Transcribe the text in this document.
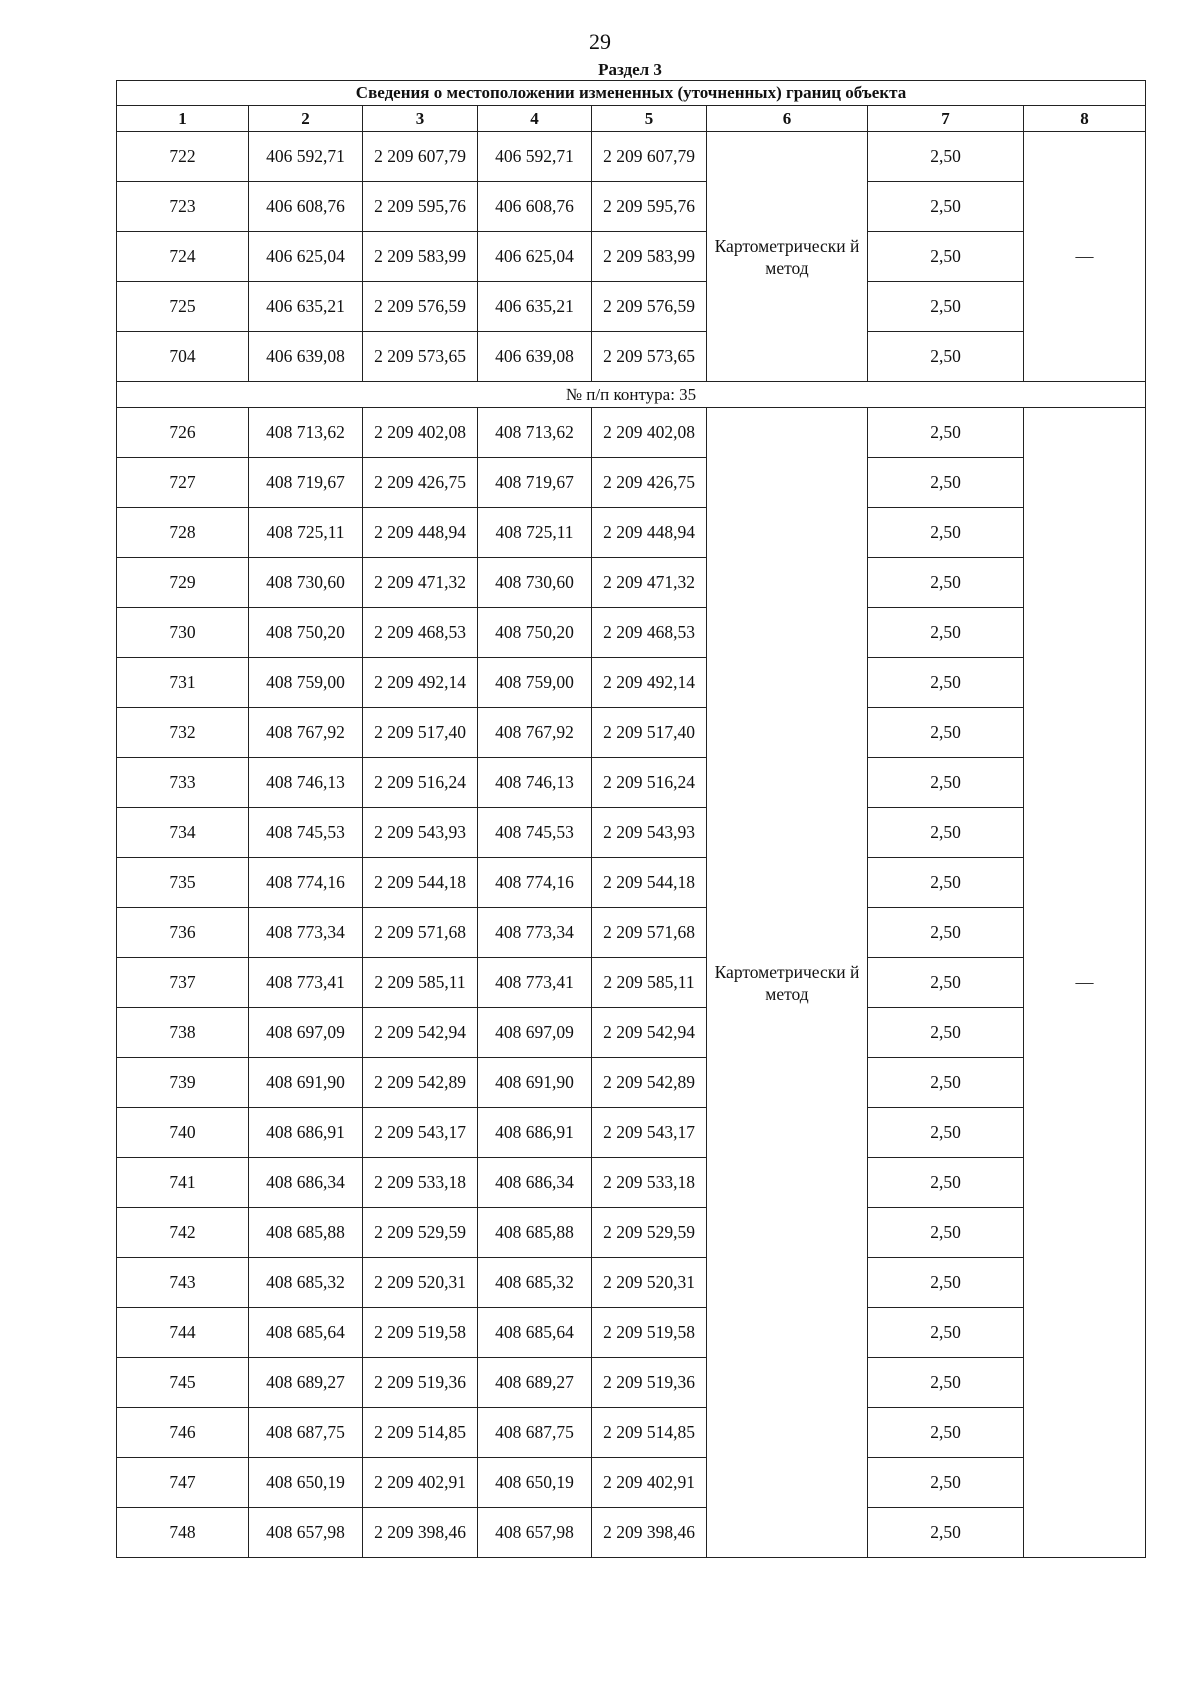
29
Раздел 3
Сведения о местоположении измененных (уточненных) границ объекта							
1	2	3	4	5	6	7	8
722	406 592,71	2 209 607,79	406 592,71	2 209 607,79	Картометрически й метод	2,50	—
723	406 608,76	2 209 595,76	406 608,76	2 209 595,76		2,50	
724	406 625,04	2 209 583,99	406 625,04	2 209 583,99		2,50	
725	406 635,21	2 209 576,59	406 635,21	2 209 576,59		2,50	
704	406 639,08	2 209 573,65	406 639,08	2 209 573,65		2,50	
№ п/п контура: 35							
726	408 713,62	2 209 402,08	408 713,62	2 209 402,08	Картометрически й метод	2,50	—
727	408 719,67	2 209 426,75	408 719,67	2 209 426,75		2,50	
728	408 725,11	2 209 448,94	408 725,11	2 209 448,94		2,50	
729	408 730,60	2 209 471,32	408 730,60	2 209 471,32		2,50	
730	408 750,20	2 209 468,53	408 750,20	2 209 468,53		2,50	
731	408 759,00	2 209 492,14	408 759,00	2 209 492,14		2,50	
732	408 767,92	2 209 517,40	408 767,92	2 209 517,40		2,50	
733	408 746,13	2 209 516,24	408 746,13	2 209 516,24		2,50	
734	408 745,53	2 209 543,93	408 745,53	2 209 543,93		2,50	
735	408 774,16	2 209 544,18	408 774,16	2 209 544,18		2,50	
736	408 773,34	2 209 571,68	408 773,34	2 209 571,68		2,50	
737	408 773,41	2 209 585,11	408 773,41	2 209 585,11		2,50	
738	408 697,09	2 209 542,94	408 697,09	2 209 542,94		2,50	
739	408 691,90	2 209 542,89	408 691,90	2 209 542,89		2,50	
740	408 686,91	2 209 543,17	408 686,91	2 209 543,17		2,50	
741	408 686,34	2 209 533,18	408 686,34	2 209 533,18		2,50	
742	408 685,88	2 209 529,59	408 685,88	2 209 529,59		2,50	
743	408 685,32	2 209 520,31	408 685,32	2 209 520,31		2,50	
744	408 685,64	2 209 519,58	408 685,64	2 209 519,58		2,50	
745	408 689,27	2 209 519,36	408 689,27	2 209 519,36		2,50	
746	408 687,75	2 209 514,85	408 687,75	2 209 514,85		2,50	
747	408 650,19	2 209 402,91	408 650,19	2 209 402,91		2,50	
748	408 657,98	2 209 398,46	408 657,98	2 209 398,46		2,50	
